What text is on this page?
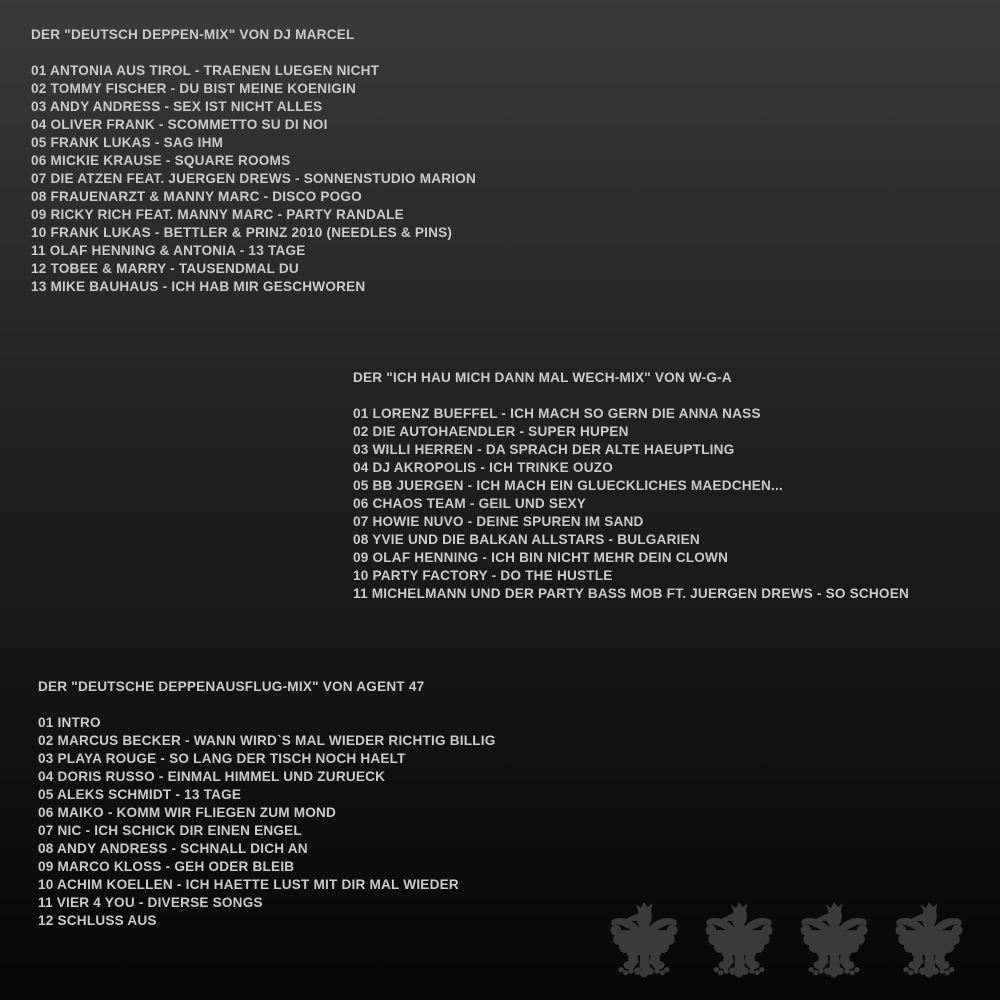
DER "DEUTSCH DEPPEN-MIX" VON DJ MARCEL
01 ANTONIA AUS TIROL - TRAENEN LUEGEN NICHT
02 TOMMY FISCHER - DU BIST MEINE KOENIGIN
03 ANDY ANDRESS - SEX IST NICHT ALLES
04 OLIVER FRANK - SCOMMETTO SU DI NOI
05 FRANK LUKAS - SAG IHM
06 MICKIE KRAUSE - SQUARE ROOMS
07 DIE ATZEN FEAT. JUERGEN DREWS - SONNENSTUDIO MARION
08 FRAUENARZT & MANNY MARC - DISCO POGO
09 RICKY RICH FEAT. MANNY MARC - PARTY RANDALE
10 FRANK LUKAS - BETTLER & PRINZ 2010 (NEEDLES & PINS)
11 OLAF HENNING & ANTONIA - 13 TAGE
12 TOBEE & MARRY - TAUSENDMAL DU
13 MIKE BAUHAUS - ICH HAB MIR GESCHWOREN
DER "ICH HAU MICH DANN MAL WECH-MIX" VON W-G-A
01 LORENZ BUEFFEL - ICH MACH SO GERN DIE ANNA NASS
02 DIE AUTOHAENDLER - SUPER HUPEN
03 WILLI HERREN - DA SPRACH DER ALTE HAEUPTLING
04 DJ AKROPOLIS - ICH TRINKE OUZO
05 BB JUERGEN - ICH MACH EIN GLUECKLICHES MAEDCHEN...
06 CHAOS TEAM - GEIL UND SEXY
07 HOWIE NUVO - DEINE SPUREN IM SAND
08 YVIE UND DIE BALKAN ALLSTARS - BULGARIEN
09 OLAF HENNING - ICH BIN NICHT MEHR DEIN CLOWN
10 PARTY FACTORY - DO THE HUSTLE
11 MICHELMANN UND DER PARTY BASS MOB FT. JUERGEN DREWS - SO SCHOEN
DER "DEUTSCHE DEPPENAUSFLUG-MIX" VON AGENT 47
01 INTRO
02 MARCUS BECKER - WANN WIRD`S MAL WIEDER RICHTIG BILLIG
03 PLAYA ROUGE - SO LANG DER TISCH NOCH HAELT
04 DORIS RUSSO - EINMAL HIMMEL UND ZURUECK
05 ALEKS SCHMIDT - 13 TAGE
06 MAIKO - KOMM WIR FLIEGEN ZUM MOND
07 NIC - ICH SCHICK DIR EINEN ENGEL
08 ANDY ANDRESS - SCHNALL DICH AN
09 MARCO KLOSS - GEH ODER BLEIB
10 ACHIM KOELLEN - ICH HAETTE LUST MIT DIR MAL WIEDER
11 VIER 4 YOU - DIVERSE SONGS
12 SCHLUSS AUS
